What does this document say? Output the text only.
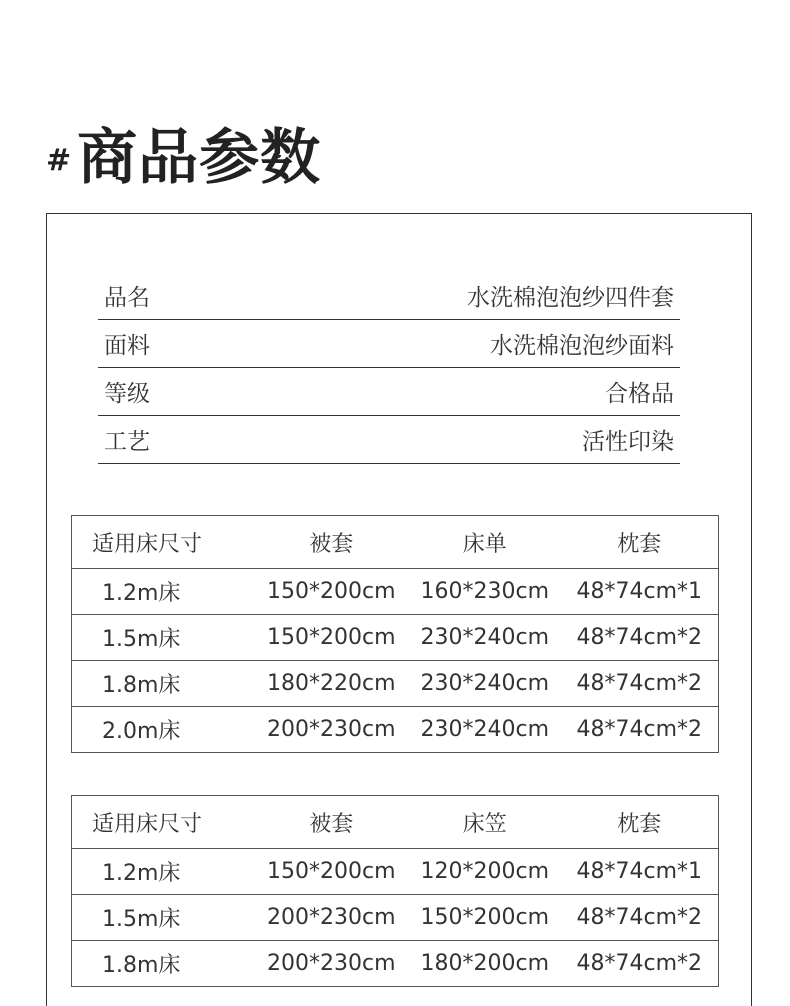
# 商品参数
品名	水洗棉泡泡纱四件套
面料	水洗棉泡泡纱面料
等级	合格品
工艺	活性印染
适用床尺寸	被套	床单	枕套
1.2m床	150*200cm	160*230cm	48*74cm*1
1.5m床	150*200cm	230*240cm	48*74cm*2
1.8m床	180*220cm	230*240cm	48*74cm*2
2.0m床	200*230cm	230*240cm	48*74cm*2
适用床尺寸	被套	床笠	枕套
1.2m床	150*200cm	120*200cm	48*74cm*1
1.5m床	200*230cm	150*200cm	48*74cm*2
1.8m床	200*230cm	180*200cm	48*74cm*2
